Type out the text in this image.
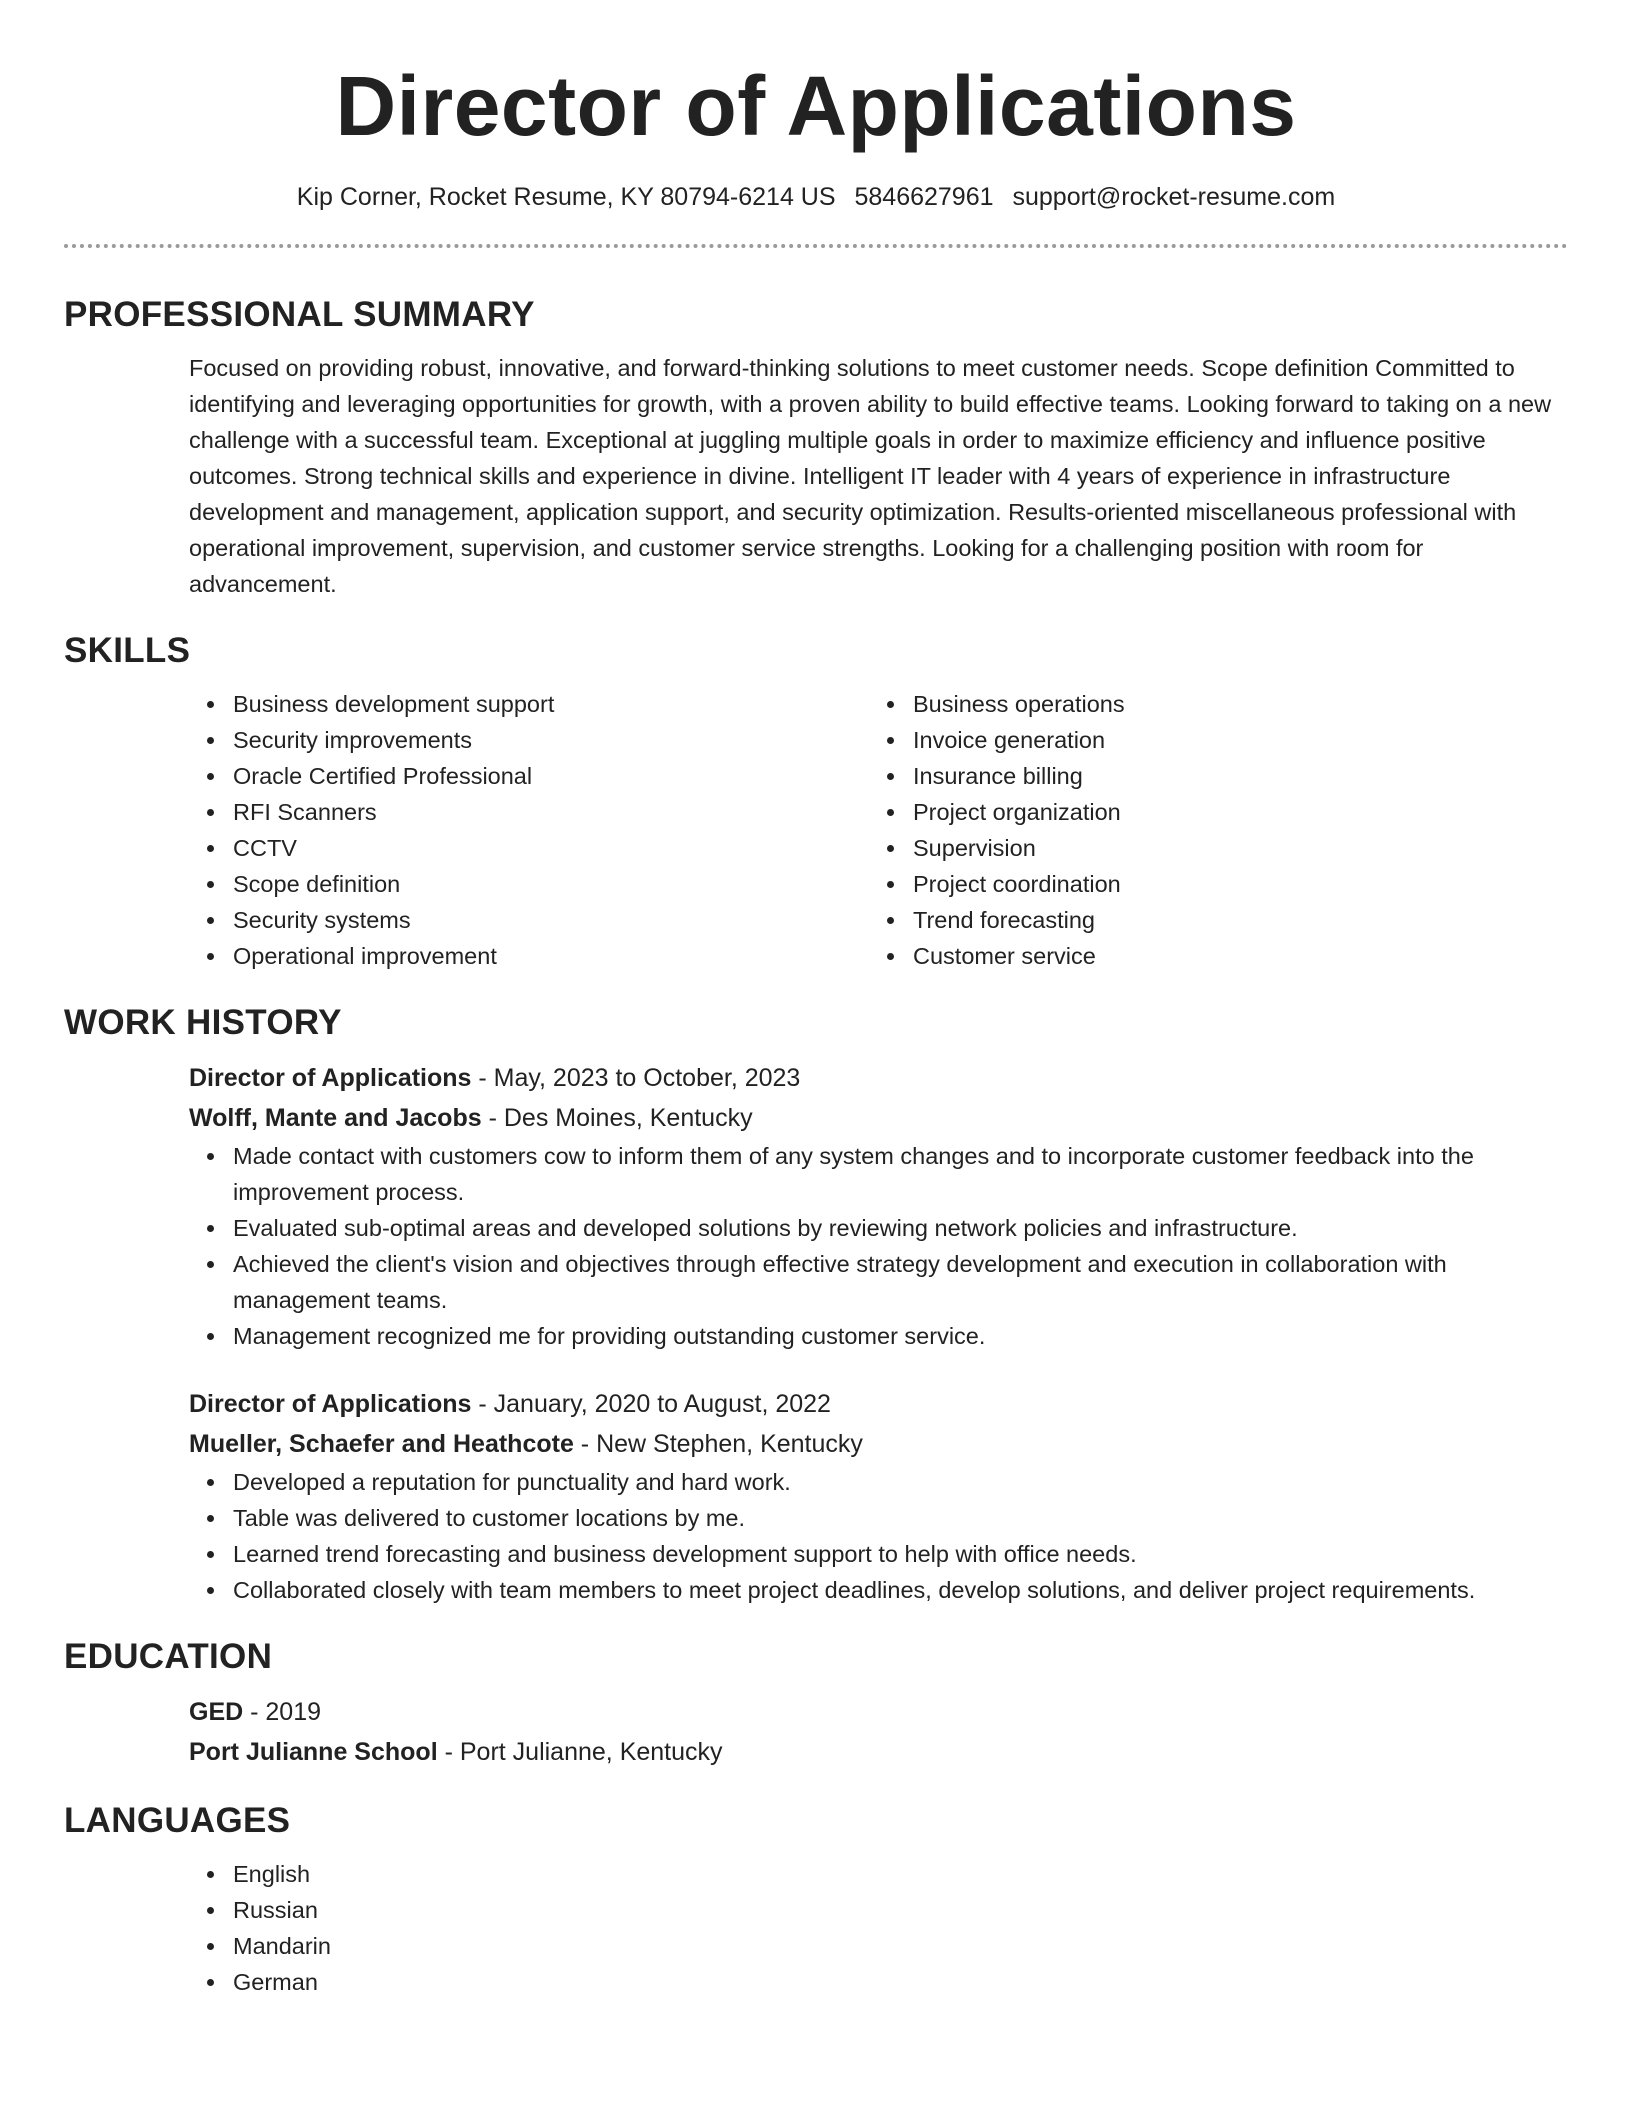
Director of Applications
Kip Corner, Rocket Resume, KY 80794-6214 US 5846627961 support@rocket-resume.com
PROFESSIONAL SUMMARY
Focused on providing robust, innovative, and forward-thinking solutions to meet customer needs. Scope definition Committed to identifying and leveraging opportunities for growth, with a proven ability to build effective teams. Looking forward to taking on a new challenge with a successful team. Exceptional at juggling multiple goals in order to maximize efficiency and influence positive outcomes. Strong technical skills and experience in divine. Intelligent IT leader with 4 years of experience in infrastructure development and management, application support, and security optimization. Results-oriented miscellaneous professional with operational improvement, supervision, and customer service strengths. Looking for a challenging position with room for advancement.
SKILLS
Business development support
Security improvements
Oracle Certified Professional
RFI Scanners
CCTV
Scope definition
Security systems
Operational improvement
Business operations
Invoice generation
Insurance billing
Project organization
Supervision
Project coordination
Trend forecasting
Customer service
WORK HISTORY
Director of Applications - May, 2023 to October, 2023
Wolff, Mante and Jacobs - Des Moines, Kentucky
Made contact with customers cow to inform them of any system changes and to incorporate customer feedback into the improvement process.
Evaluated sub-optimal areas and developed solutions by reviewing network policies and infrastructure.
Achieved the client's vision and objectives through effective strategy development and execution in collaboration with management teams.
Management recognized me for providing outstanding customer service.
Director of Applications - January, 2020 to August, 2022
Mueller, Schaefer and Heathcote - New Stephen, Kentucky
Developed a reputation for punctuality and hard work.
Table was delivered to customer locations by me.
Learned trend forecasting and business development support to help with office needs.
Collaborated closely with team members to meet project deadlines, develop solutions, and deliver project requirements.
EDUCATION
GED - 2019
Port Julianne School - Port Julianne, Kentucky
LANGUAGES
English
Russian
Mandarin
German
